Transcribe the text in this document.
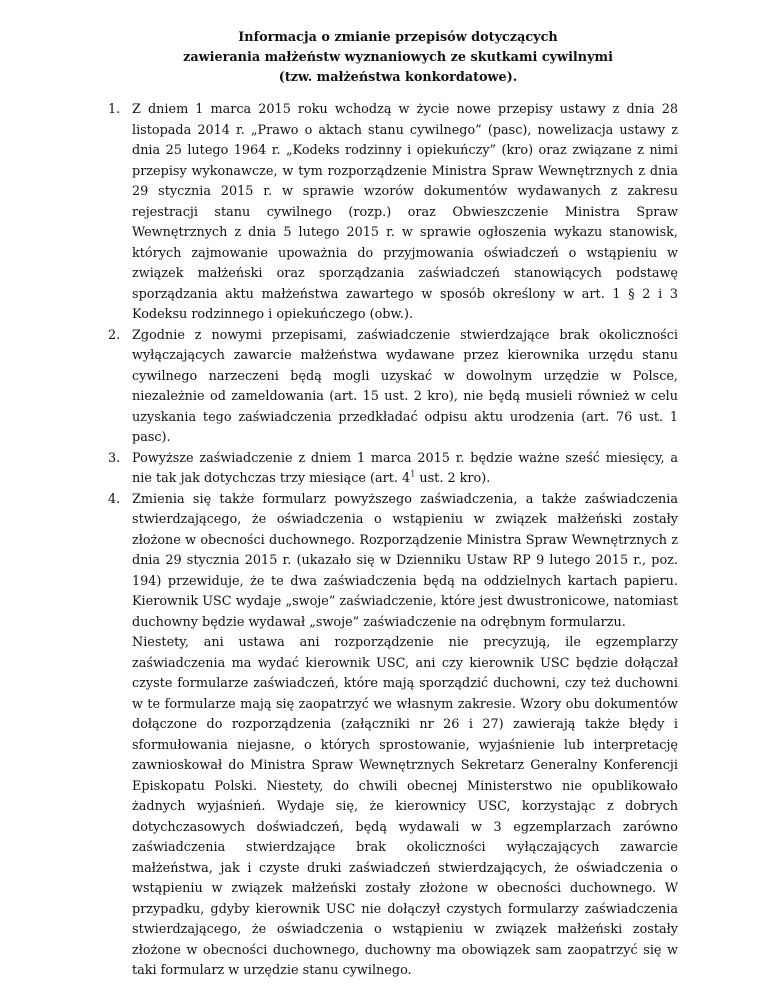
Informacja o zmianie przepisów dotyczących
zawierania małżeństw wyznaniowych ze skutkami cywilnymi
(tzw. małżeństwa konkordatowe).
1. Z dniem 1 marca 2015 roku wchodzą w życie nowe przepisy ustawy z dnia 28 listopada 2014 r. „Prawo o aktach stanu cywilnego” (pasc), nowelizacja ustawy z dnia 25 lutego 1964 r. „Kodeks rodzinny i opiekuńczy” (kro) oraz związane z nimi przepisy wykonawcze, w tym rozporządzenie Ministra Spraw Wewnętrznych z dnia 29 stycznia 2015 r. w sprawie wzorów dokumentów wydawanych z zakresu rejestracji stanu cywilnego (rozp.) oraz Obwieszczenie Ministra Spraw Wewnętrznych z dnia 5 lutego 2015 r. w sprawie ogłoszenia wykazu stanowisk, których zajmowanie upoważnia do przyjmowania oświadczeń o wstąpieniu w związek małżeński oraz sporządzania zaświadczeń stanowiących podstawę sporządzania aktu małżeństwa zawartego w sposób określony w art. 1 § 2 i 3 Kodeksu rodzinnego i opiekuńczego (obw.).
2. Zgodnie z nowymi przepisami, zaświadczenie stwierdzające brak okoliczności wyłączających zawarcie małżeństwa wydawane przez kierownika urzędu stanu cywilnego narzeczeni będą mogli uzyskać w dowolnym urzędzie w Polsce, niezależnie od zameldowania (art. 15 ust. 2 kro), nie będą musieli również w celu uzyskania tego zaświadczenia przedkładać odpisu aktu urodzenia (art. 76 ust. 1 pasc).
3. Powyższe zaświadczenie z dniem 1 marca 2015 r. będzie ważne sześć miesięcy, a nie tak jak dotychczas trzy miesiące (art. $4^1$ ust. 2 kro).
4. Zmienia się także formularz powyższego zaświadczenia, a także zaświadczenia stwierdzającego, że oświadczenia o wstąpieniu w związek małżeński zostały złożone w obecności duchownego. Rozporządzenie Ministra Spraw Wewnętrznych z dnia 29 stycznia 2015 r. (ukazało się w Dzienniku Ustaw RP 9 lutego 2015 r., poz. 194) przewiduje, że te dwa zaświadczenia będą na oddzielnych kartach papieru. Kierownik USC wydaje „swoje” zaświadczenie, które jest dwustronicowe, natomiast duchowny będzie wydawał „swoje” zaświadczenie na odrębnym formularzu.
Niestety, ani ustawa ani rozporządzenie nie precyzują, ile egzemplarzy zaświadczenia ma wydać kierownik USC, ani czy kierownik USC będzie dołączał czyste formularze zaświadczeń, które mają sporządzić duchowni, czy też duchowni w te formularze mają się zaopatrzyć we własnym zakresie. Wzory obu dokumentów dołączone do rozporządzenia (załączniki nr 26 i 27) zawierają także błędy i sformułowania niejasne, o których sprostowanie, wyjaśnienie lub interpretację zawnioskował do Ministra Spraw Wewnętrznych Sekretarz Generalny Konferencji Episkopatu Polski. Niestety, do chwili obecnej Ministerstwo nie opublikowało żadnych wyjaśnień. Wydaje się, że kierownicy USC, korzystając z dobrych dotychczasowych doświadczeń, będą wydawali w 3 egzemplarzach zarówno zaświadczenia stwierdzające brak okoliczności wyłączających zawarcie małżeństwa, jak i czyste druki zaświadczeń stwierdzających, że oświadczenia o wstąpieniu w związek małżeński zostały złożone w obecności duchownego. W przypadku, gdyby kierownik USC nie dołączył czystych formularzy zaświadczenia stwierdzającego, że oświadczenia o wstąpieniu w związek małżeński zostały złożone w obecności duchownego, duchowny ma obowiązek sam zaopatrzyć się w taki formularz w urzędzie stanu cywilnego.
